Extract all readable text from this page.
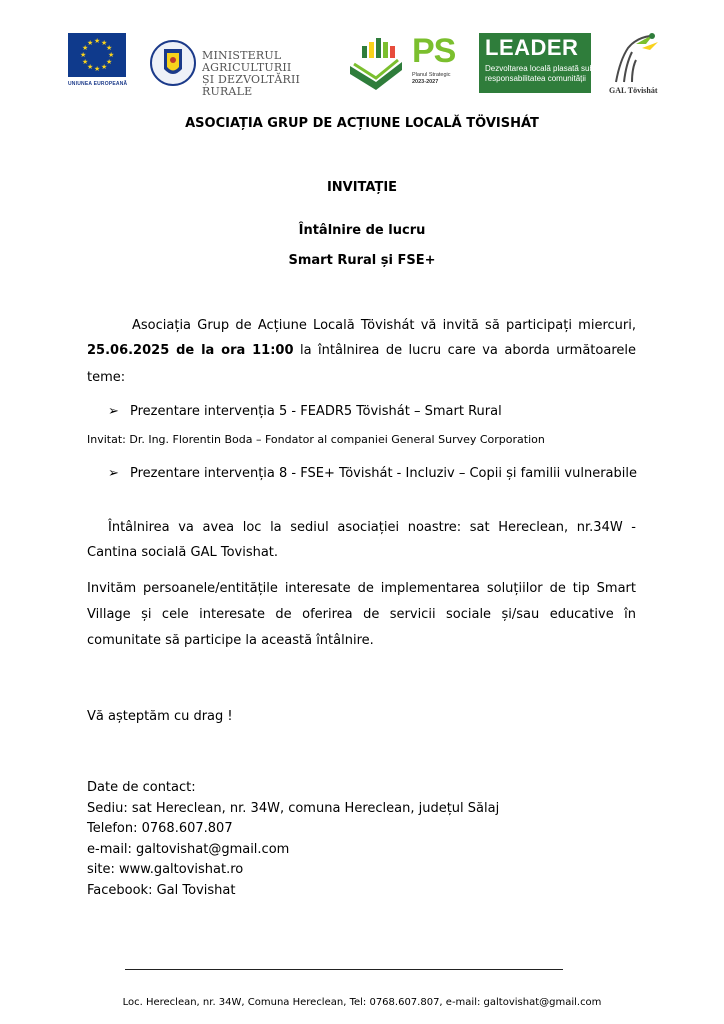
★ ★
★
★
★
★
★
★
★
★
★
★
UNIUNEA EUROPEANĂ
MINISTERUL AGRICULTURII
ȘI DEZVOLTĂRII RURALE
PS
Planul Strategic
2023-2027
LEADER
Dezvoltarea locală plasată sub
responsabilitatea comunității
GAL Tövishát
ASOCIAȚIA GRUP DE ACȚIUNE LOCALĂ TÖVISHÁT
INVITAȚIE
Întâlnire de lucru
Smart Rural și FSE+
Asociația Grup de Acțiune Locală Tövishát vă invită să participați miercuri,
25.06.2025 de la ora 11:00 la întâlnirea de lucru care va aborda următoarele
teme:
➢ Prezentare intervenția 5 - FEADR5 Tövishát – Smart Rural
Invitat: Dr. Ing. Florentin Boda – Fondator al companiei General Survey Corporation
➢ Prezentare intervenția 8 - FSE+ Tövishát - Incluziv – Copii și familii vulnerabile
Întâlnirea va avea loc la sediul asociației noastre: sat Hereclean, nr.34W -
Cantina socială GAL Tovishat.
Invităm persoanele/entitățile interesate de implementarea soluțiilor de tip Smart
Village și cele interesate de oferirea de servicii sociale și/sau educative în
comunitate să participe la această întâlnire.
Vă așteptăm cu drag !
Date de contact:
Sediu: sat Hereclean, nr. 34W, comuna Hereclean, județul Sălaj
Telefon: 0768.607.807
e-mail: galtovishat@gmail.com
site: www.galtovishat.ro
Facebook: Gal Tovishat
Loc. Hereclean, nr. 34W, Comuna Hereclean, Tel: 0768.607.807, e-mail: galtovishat@gmail.com
